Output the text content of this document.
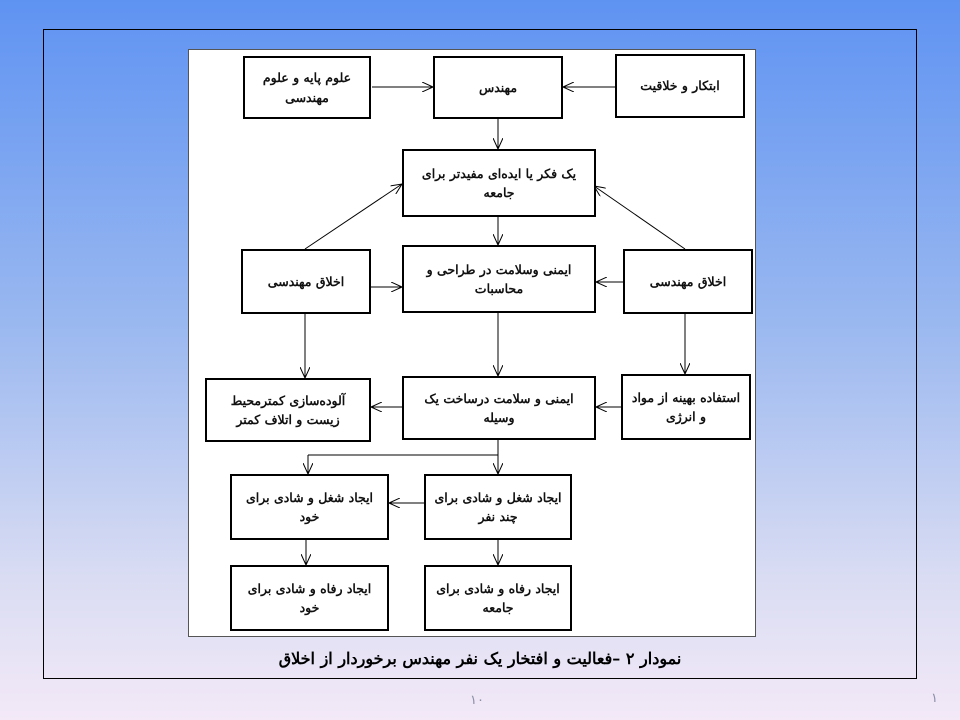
علوم پایه و علوم مهندسی
مهندس	ابتکار و خلاقیت
یک فکر یا ایده‌ای مفیدتر برای جامعه
اخلاق مهندسی
ایمنی وسلامت در طراحی و محاسبات	اخلاق مهندسی
آلوده‌سازی کمترمحیط زیست و اتلاف کمتر
ایمنی و سلامت درساخت یک وسیله
استفاده بهینه از مواد و انرژی
ایجاد شغل و شادی برای خود
ایجاد شغل و شادی برای چند نفر
ایجاد رفاه و شادی برای خود
ایجاد رفاه و شادی برای جامعه
نمودار ۲ –فعالیت و افتخار یک نفر مهندس برخوردار از اخلاق
۱۰	۱
